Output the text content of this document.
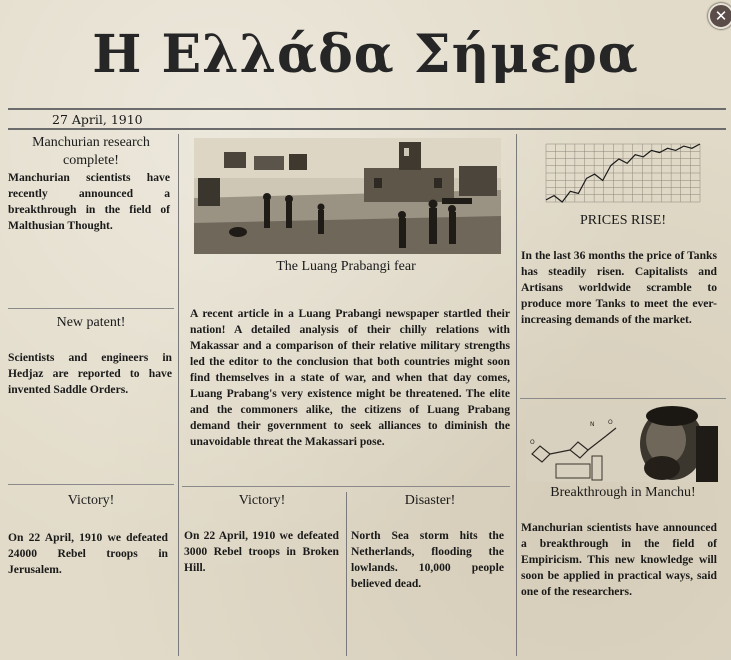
Η Ελλάδα Σήμερα
✕
27 April, 1910
Manchurian research complete!
Manchurian scientists have recently announced a breakthrough in the field of Malthusian Thought.
New patent!
Scientists and engineers in Hedjaz are reported to have invented Saddle Orders.
Victory!
On 22 April, 1910 we defeated 24000 Rebel troops in Jerusalem.
The Luang Prabangi fear
A recent article in a Luang Prabangi newspaper startled their nation! A detailed analysis of their chilly relations with Makassar and a comparison of their relative military strengths led the editor to the conclusion that both countries might soon find themselves in a state of war, and when that day comes, Luang Prabang's very existence might be threatened. The elite and the commoners alike, the citizens of Luang Prabang demand their government to seek alliances to diminish the unavoidable threat the Makassari pose.
Victory!
On 22 April, 1910 we defeated 3000 Rebel troops in Broken Hill.
Disaster!
North Sea storm hits the Netherlands, flooding the lowlands. 10,000 people believed dead.
PRICES RISE!
In the last 36 months the price of Tanks has steadily risen. Capitalists and Artisans worldwide scramble to produce more Tanks to meet the ever-increasing demands of the market.
O
N O
Breakthrough in Manchu!
Manchurian scientists have announced a breakthrough in the field of Empiricism. This new knowledge will soon be applied in practical ways, said one of the researchers.
